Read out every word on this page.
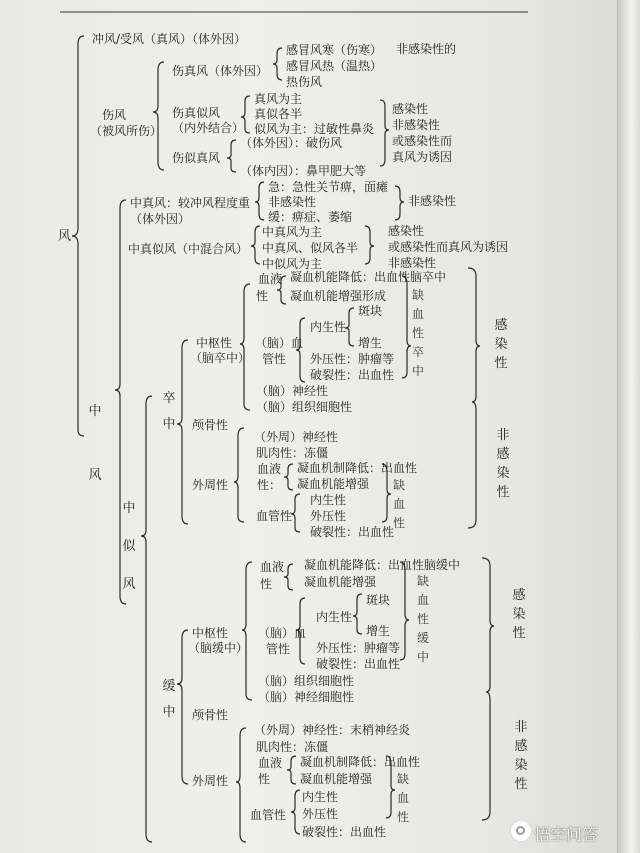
风
冲风/受风（真风）（体外因）
伤风
（被风所伤）
伤真风（体外因）
感冒风寒（伤寒）
感冒风热（温热）
热伤风
非感染性的
伤真似风
（内外结合）
真风为主
真似各半
似风为主：过敏性鼻炎
感染性
非感染性
或感染性而
真风为诱因
伤似真风
（体外因）：破伤风
（体内因）：鼻甲肥大等
中风
中真风：较冲风程度重
（体外因）
急：急性关节痹，面瘫
非感染性
缓：痹症、萎缩
非感染性
中真似风（中混合风）
中真风为主
中真风、似风各半
中似风为主
感染性
或感染性而真风为诱因
非感染性
中似风
卒中
中枢性
（脑卒中）
血液
性
凝血机能降低：出血性脑卒中
凝血机能增强形成
（脑）血
管性
内生性
斑块
增生
外压性：肿瘤等
破裂性：出血性
缺血性卒中
（脑）神经性
（脑）组织细胞性
颅骨性
外周性
（外周）神经性
肌肉性：冻僵
血液
性：
凝血机制降低：出血性
凝血机能增强
血管性
内生性
外压性
破裂性：出血性
缺血性
感染性
非感染性
缓中
中枢性
（脑缓中）
血液
性
凝血机能降低：出血性脑缓中
凝血机能增强
（脑）血
管性
内生性
斑块
增生
外压性：肿瘤等
破裂性：出血性
缺血性缓中
（脑）组织细胞性
（脑）神经细胞性
颅骨性
外周性
（外周）神经性：末梢神经炎
肌肉性：冻僵
血液
性
凝血机制降低：出血性
凝血机能增强
血管性
内生性
外压性
破裂性：出血性
缺血性
感染性
非感染性
悟空问答
